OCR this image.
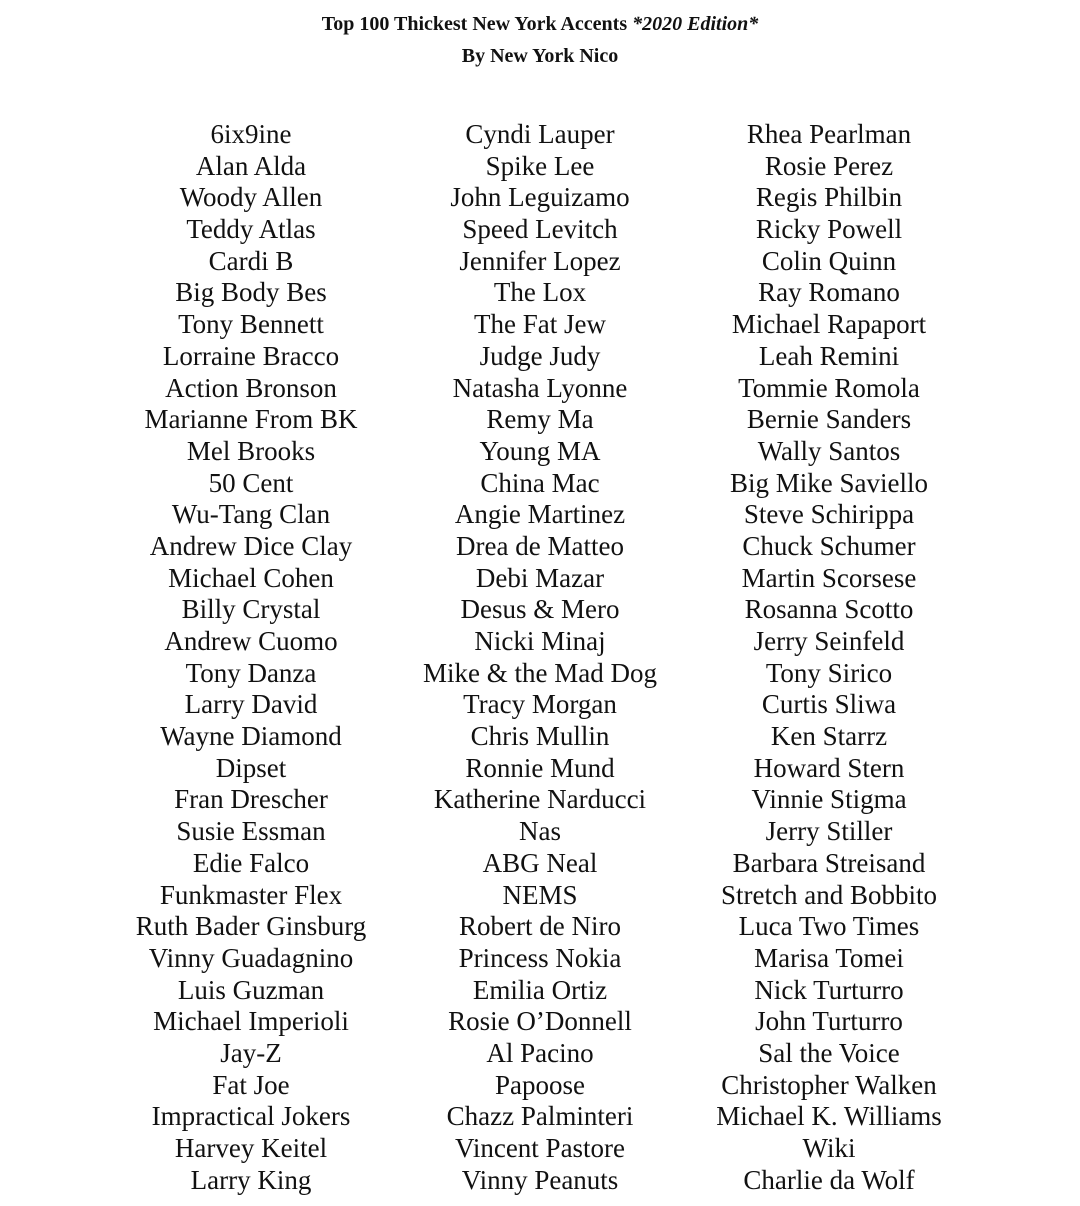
Top 100 Thickest New York Accents *2020 Edition*
By New York Nico
6ix9ine
Alan Alda
Woody Allen
Teddy Atlas
Cardi B
Big Body Bes
Tony Bennett
Lorraine Bracco
Action Bronson
Marianne From BK
Mel Brooks
50 Cent
Wu-Tang Clan
Andrew Dice Clay
Michael Cohen
Billy Crystal
Andrew Cuomo
Tony Danza
Larry David
Wayne Diamond
Dipset
Fran Drescher
Susie Essman
Edie Falco
Funkmaster Flex
Ruth Bader Ginsburg
Vinny Guadagnino
Luis Guzman
Michael Imperioli
Jay-Z
Fat Joe
Impractical Jokers
Harvey Keitel
Larry King
Cyndi Lauper
Spike Lee
John Leguizamo
Speed Levitch
Jennifer Lopez
The Lox
The Fat Jew
Judge Judy
Natasha Lyonne
Remy Ma
Young MA
China Mac
Angie Martinez
Drea de Matteo
Debi Mazar
Desus & Mero
Nicki Minaj
Mike & the Mad Dog
Tracy Morgan
Chris Mullin
Ronnie Mund
Katherine Narducci
Nas
ABG Neal
NEMS
Robert de Niro
Princess Nokia
Emilia Ortiz
Rosie O’Donnell
Al Pacino
Papoose
Chazz Palminteri
Vincent Pastore
Vinny Peanuts
Rhea Pearlman
Rosie Perez
Regis Philbin
Ricky Powell
Colin Quinn
Ray Romano
Michael Rapaport
Leah Remini
Tommie Romola
Bernie Sanders
Wally Santos
Big Mike Saviello
Steve Schirippa
Chuck Schumer
Martin Scorsese
Rosanna Scotto
Jerry Seinfeld
Tony Sirico
Curtis Sliwa
Ken Starrz
Howard Stern
Vinnie Stigma
Jerry Stiller
Barbara Streisand
Stretch and Bobbito
Luca Two Times
Marisa Tomei
Nick Turturro
John Turturro
Sal the Voice
Christopher Walken
Michael K. Williams
Wiki
Charlie da Wolf
